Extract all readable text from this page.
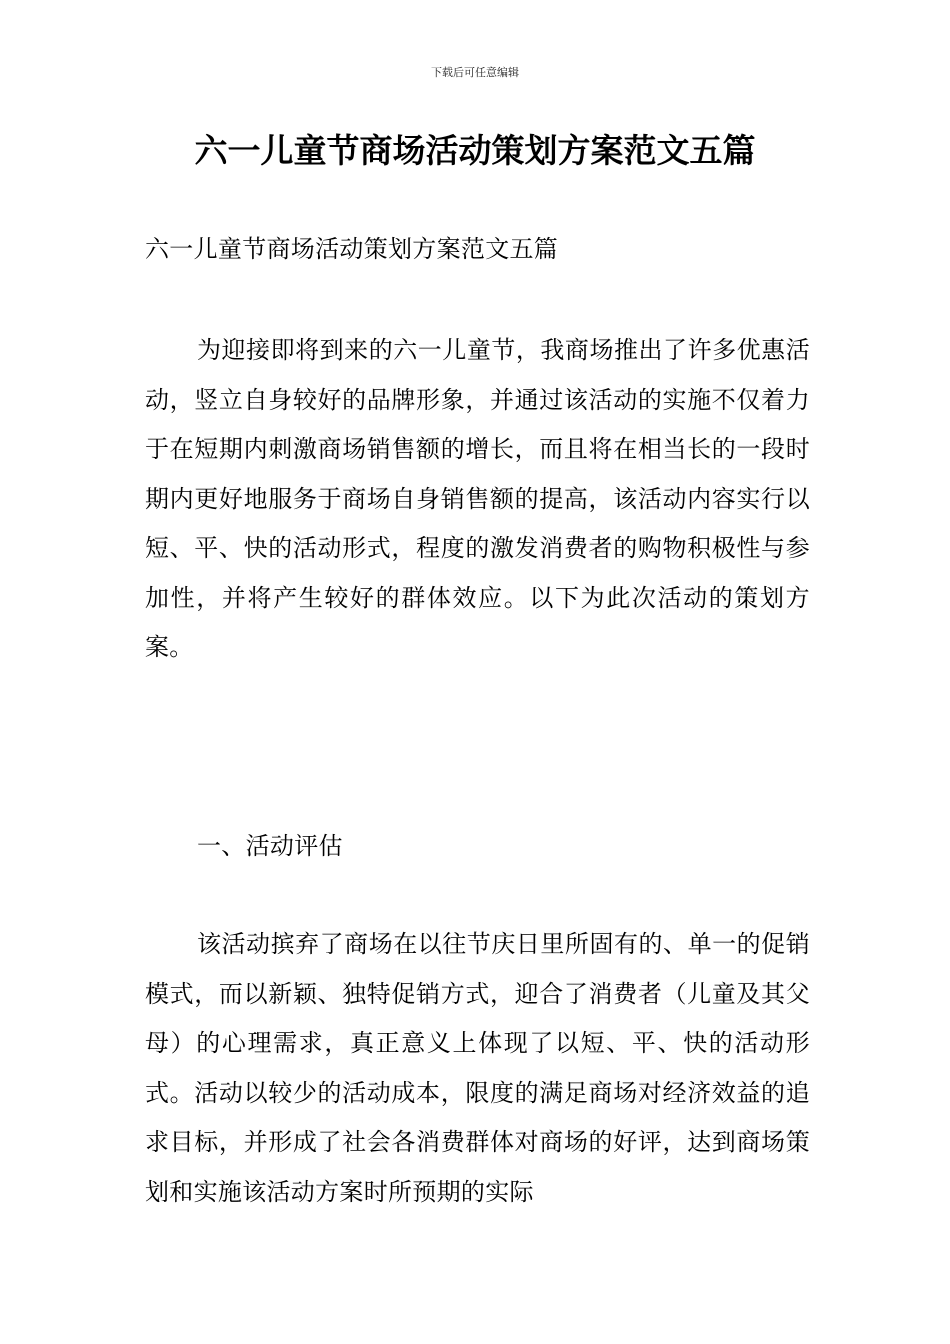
下载后可任意编辑
六一儿童节商场活动策划方案范文五篇
六一儿童节商场活动策划方案范文五篇
为迎接即将到来的六一儿童节，我商场推出了许多优惠活动，竖立自身较好的品牌形象，并通过该活动的实施不仅着力于在短期内刺激商场销售额的增长，而且将在相当长的一段时期内更好地服务于商场自身销售额的提高，该活动内容实行以短、平、快的活动形式，程度的激发消费者的购物积极性与参加性，并将产生较好的群体效应。以下为此次活动的策划方案。
一、活动评估
该活动摈弃了商场在以往节庆日里所固有的、单一的促销模式，而以新颖、独特促销方式，迎合了消费者（儿童及其父母）的心理需求，真正意义上体现了以短、平、快的活动形式。活动以较少的活动成本，限度的满足商场对经济效益的追求目标，并形成了社会各消费群体对商场的好评，达到商场策划和实施该活动方案时所预期的实际
